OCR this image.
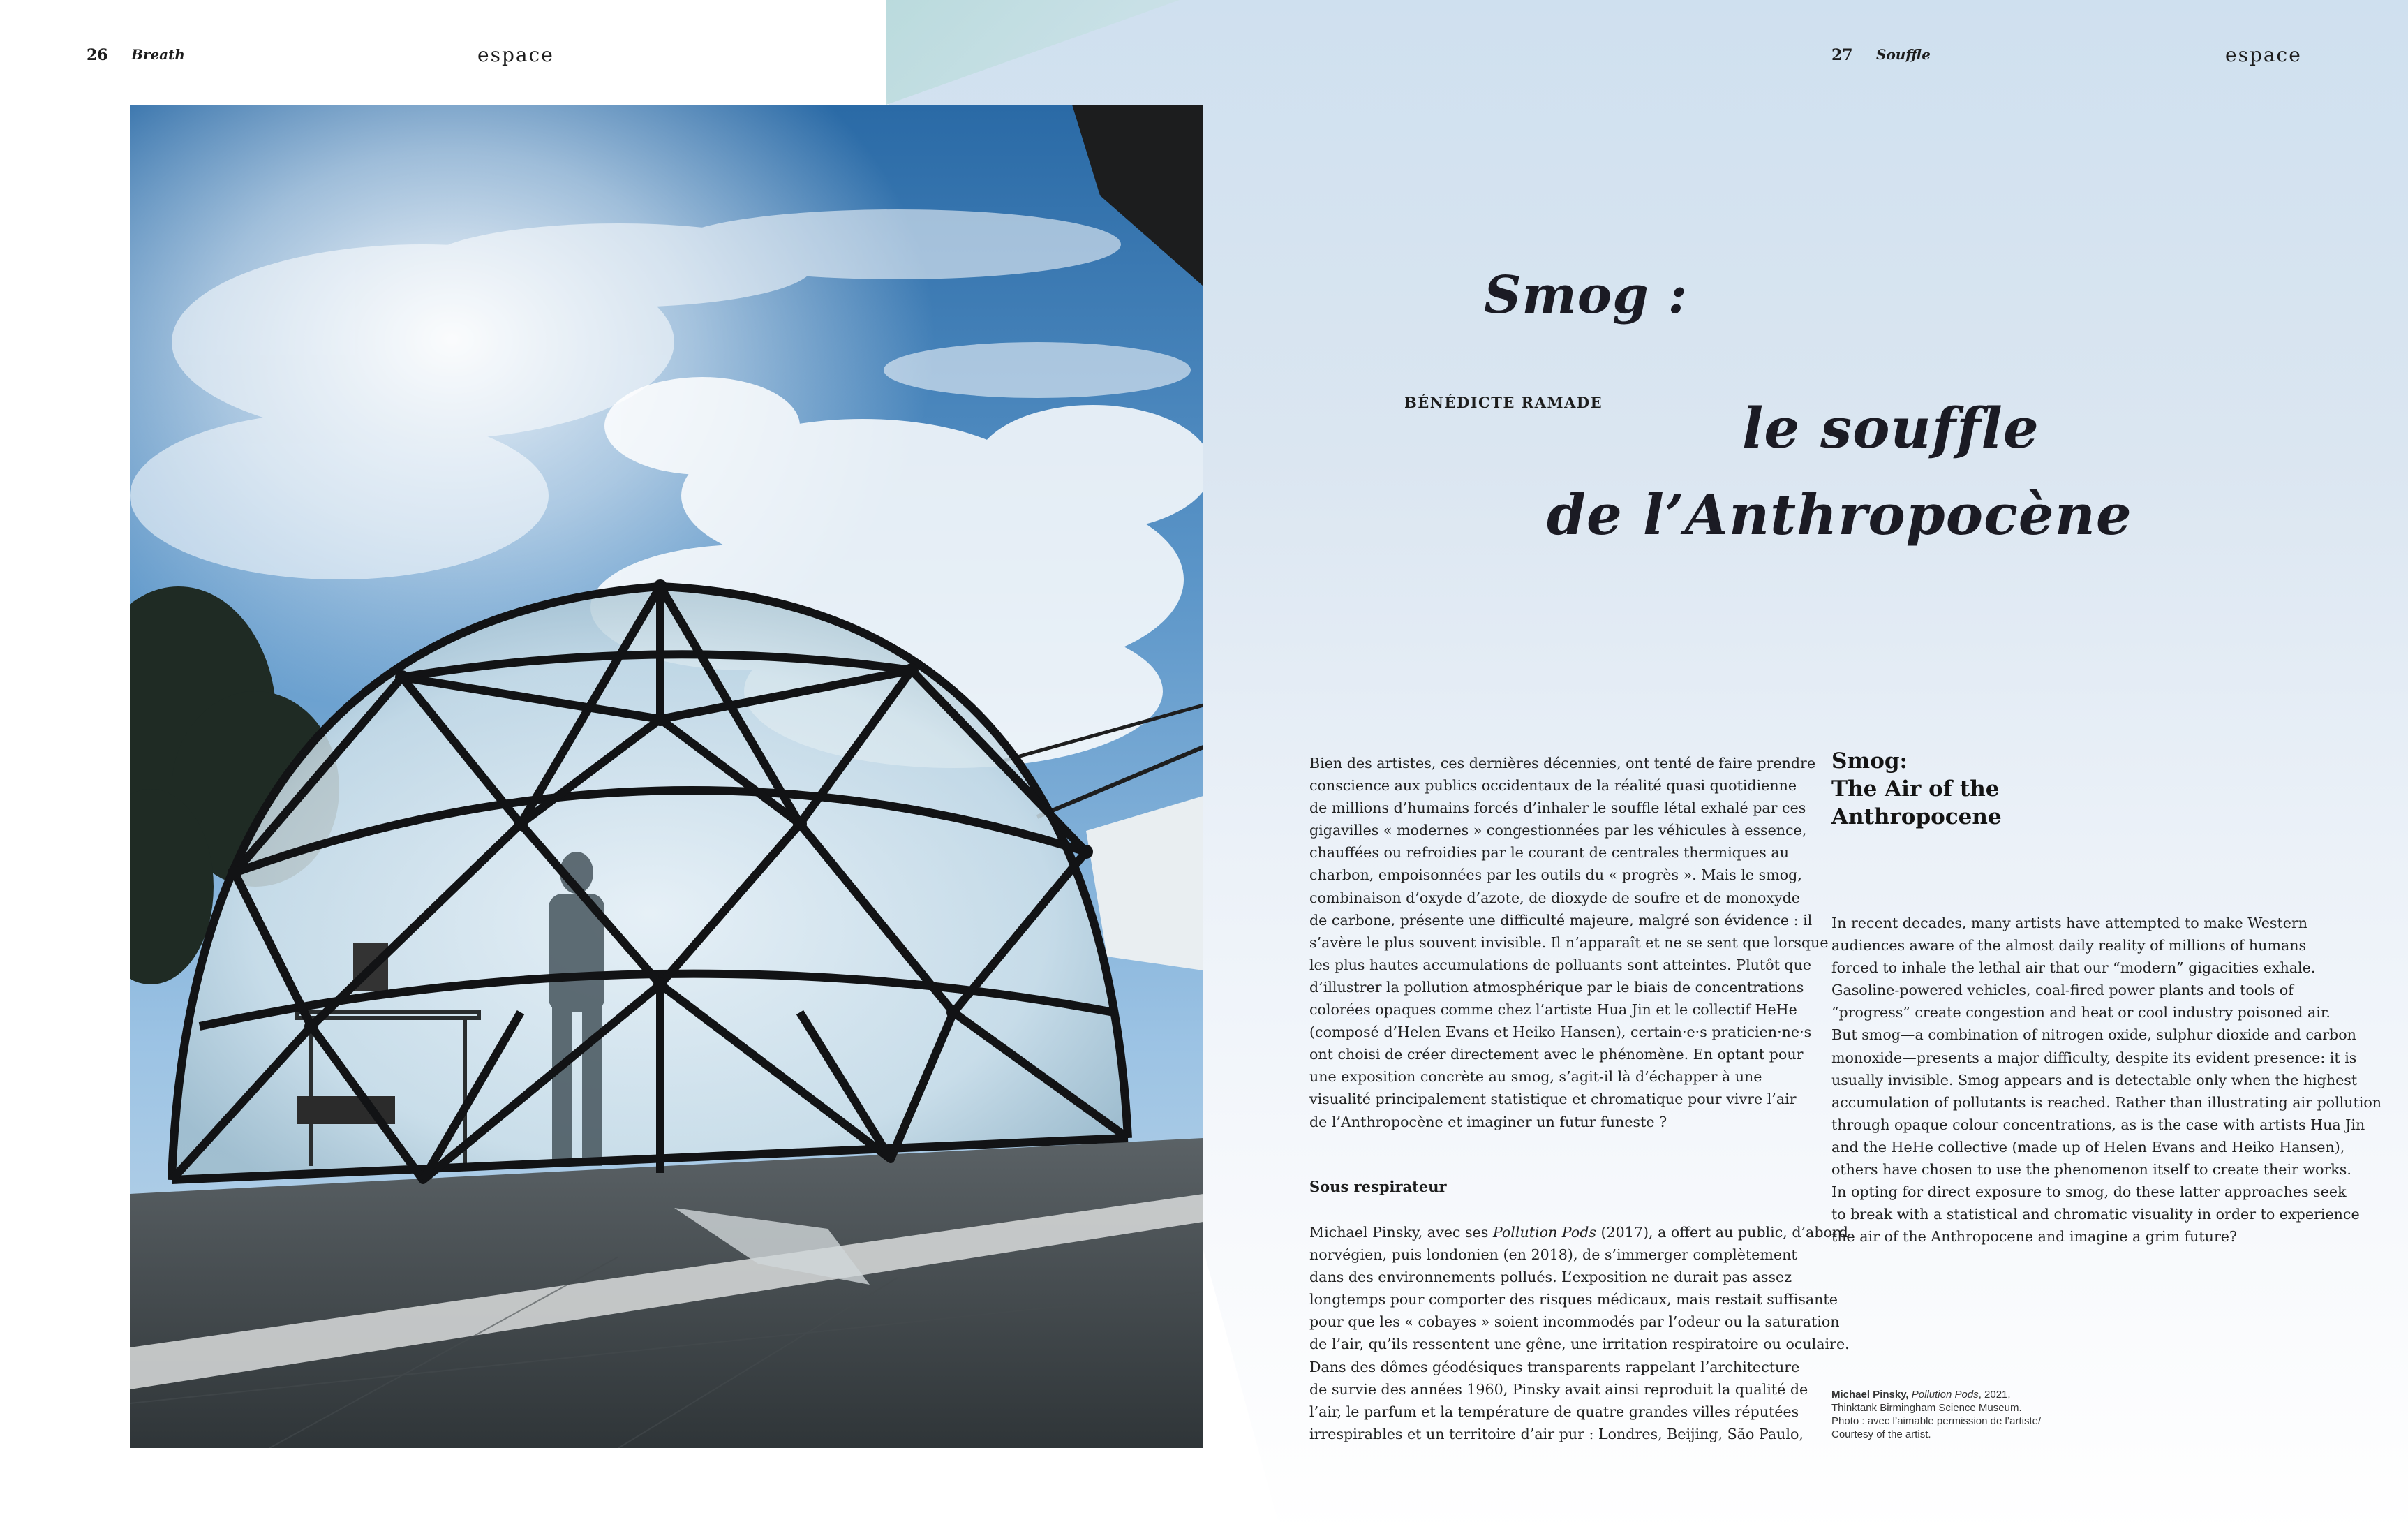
26 Breath	espace	27 Souffle	espace
Smog :
BÉNÉDICTE RAMADE le souffle
de l’Anthropocène

Bien des artistes, ces dernières décennies, ont tenté de faire prendre

conscience aux publics occidentaux de la réalité quasi quotidienne

de millions d’humains forcés d’inhaler le souffle létal exhalé par ces

gigavilles « modernes » congestionnées par les véhicules à essence,

chauffées ou refroidies par le courant de centrales thermiques au

charbon, empoisonnées par les outils du « progrès ». Mais le smog,

combinaison d’oxyde d’azote, de dioxyde de soufre et de monoxyde

de carbone, présente une difficulté majeure, malgré son évidence : il

s’avère le plus souvent invisible. Il n’apparaît et ne se sent que lorsque

les plus hautes accumulations de polluants sont atteintes. Plutôt que

d’illustrer la pollution atmosphérique par le biais de concentrations

colorées opaques comme chez l’artiste Hua Jin et le collectif HeHe

(composé d’Helen Evans et Heiko Hansen), certain·e·s praticien·ne·s

ont choisi de créer directement avec le phénomène. En optant pour

une exposition concrète au smog, s’agit-il là d’échapper à une

visualité principalement statistique et chromatique pour vivre l’air

de l’Anthropocène et imaginer un futur funeste ?

Sous respirateur

Michael Pinsky, avec ses Pollution Pods (2017), a offert au public, d’abord

norvégien, puis londonien (en 2018), de s’immerger complètement

dans des environnements pollués. L’exposition ne durait pas assez

longtemps pour comporter des risques médicaux, mais restait suffisante

pour que les « cobayes » soient incommodés par l’odeur ou la saturation

de l’air, qu’ils ressentent une gêne, une irritation respiratoire ou oculaire.

Dans des dômes géodésiques transparents rappelant l’architecture

de survie des années 1960, Pinsky avait ainsi reproduit la qualité de

l’air, le parfum et la température de quatre grandes villes réputées

irrespirables et un territoire d’air pur : Londres, Beijing, São Paulo,

Smog:
The Air of the
Anthropocene

In recent decades, many artists have attempted to make Western

audiences aware of the almost daily reality of millions of humans

forced to inhale the lethal air that our “modern” gigacities exhale.

Gasoline-powered vehicles, coal-fired power plants and tools of

“progress” create congestion and heat or cool industry poisoned air.

But smog—a combination of nitrogen oxide, sulphur dioxide and carbon

monoxide—presents a major difficulty, despite its evident presence: it is

usually invisible. Smog appears and is detectable only when the highest

accumulation of pollutants is reached. Rather than illustrating air pollution

through opaque colour concentrations, as is the case with artists Hua Jin

and the HeHe collective (made up of Helen Evans and Heiko Hansen),

others have chosen to use the phenomenon itself to create their works.

In opting for direct exposure to smog, do these latter approaches seek

to break with a statistical and chromatic visuality in order to experience

the air of the Anthropocene and imagine a grim future?

Michael Pinsky, Pollution Pods, 2021,
Thinktank Birmingham Science Museum.
Photo : avec l’aimable permission de l’artiste/
Courtesy of the artist.
